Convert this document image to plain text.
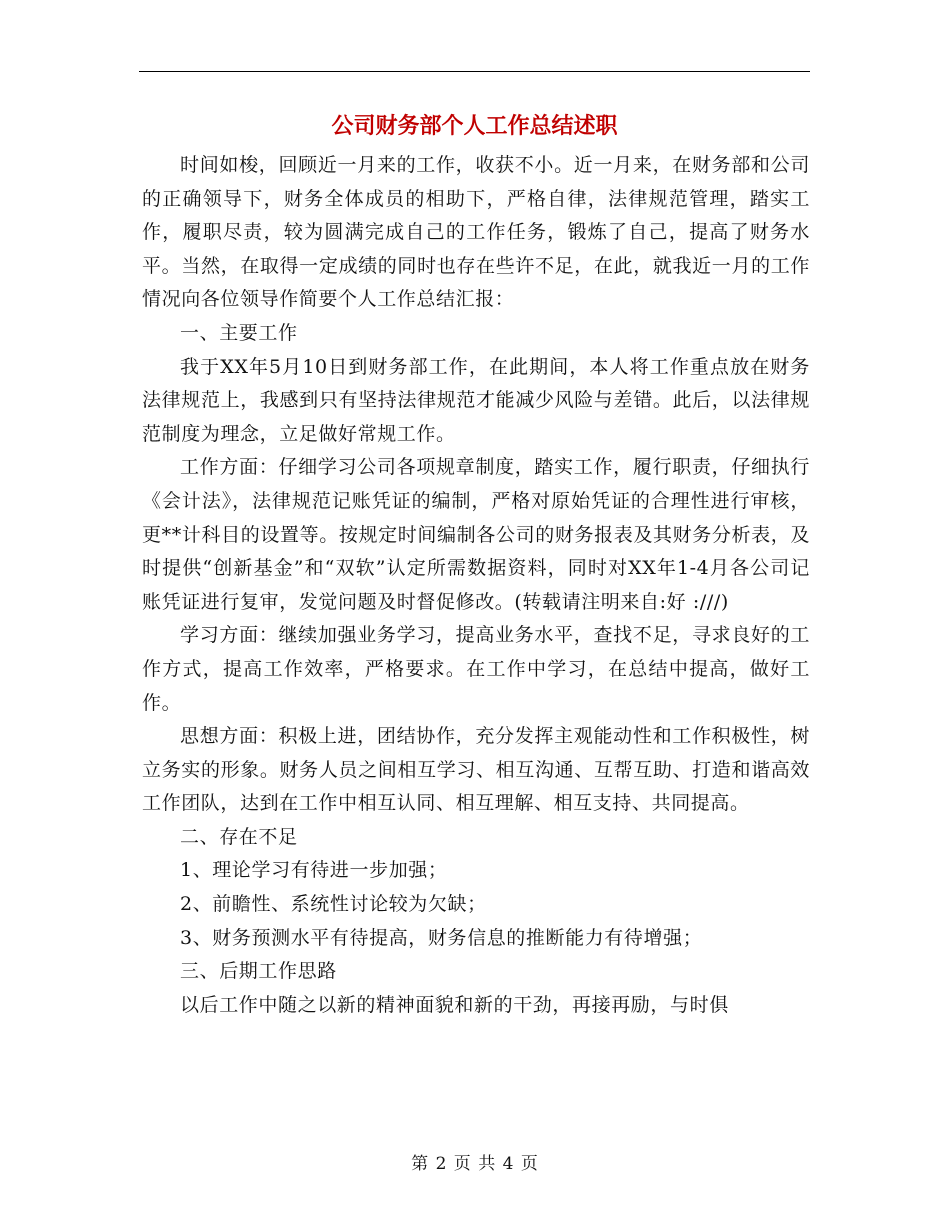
公司财务部个人工作总结述职

时间如梭，回顾近一月来的工作，收获不小。近一月来，在财务部和公司的正确领导下，财务全体成员的相助下，严格自律，法律规范管理，踏实工作，履职尽责，较为圆满完成自己的工作任务，锻炼了自己，提高了财务水平。当然，在取得一定成绩的同时也存在些许不足，在此，就我近一月的工作情况向各位领导作简要个人工作总结汇报：

一、主要工作

我于XX年5月10日到财务部工作，在此期间，本人将工作重点放在财务法律规范上，我感到只有坚持法律规范才能减少风险与差错。此后，以法律规范制度为理念，立足做好常规工作。

工作方面：仔细学习公司各项规章制度，踏实工作，履行职责，仔细执行《会计法》，法律规范记账凭证的编制，严格对原始凭证的合理性进行审核，更**计科目的设置等。按规定时间编制各公司的财务报表及其财务分析表，及时提供“创新基金”和“双软”认定所需数据资料，同时对XX年1-4月各公司记账凭证进行复审，发觉问题及时督促修改。(转载请注明来自:好 :///)

学习方面：继续加强业务学习，提高业务水平，查找不足，寻求良好的工作方式，提高工作效率，严格要求。在工作中学习，在总结中提高，做好工作。

思想方面：积极上进，团结协作，充分发挥主观能动性和工作积极性，树立务实的形象。财务人员之间相互学习、相互沟通、互帮互助、打造和谐高效工作团队，达到在工作中相互认同、相互理解、相互支持、共同提高。

二、存在不足

1、理论学习有待进一步加强；

2、前瞻性、系统性讨论较为欠缺；

3、财务预测水平有待提高，财务信息的推断能力有待增强；

三、后期工作思路

以后工作中随之以新的精神面貌和新的干劲，再接再励，与时俱

第 2 页 共 4 页
